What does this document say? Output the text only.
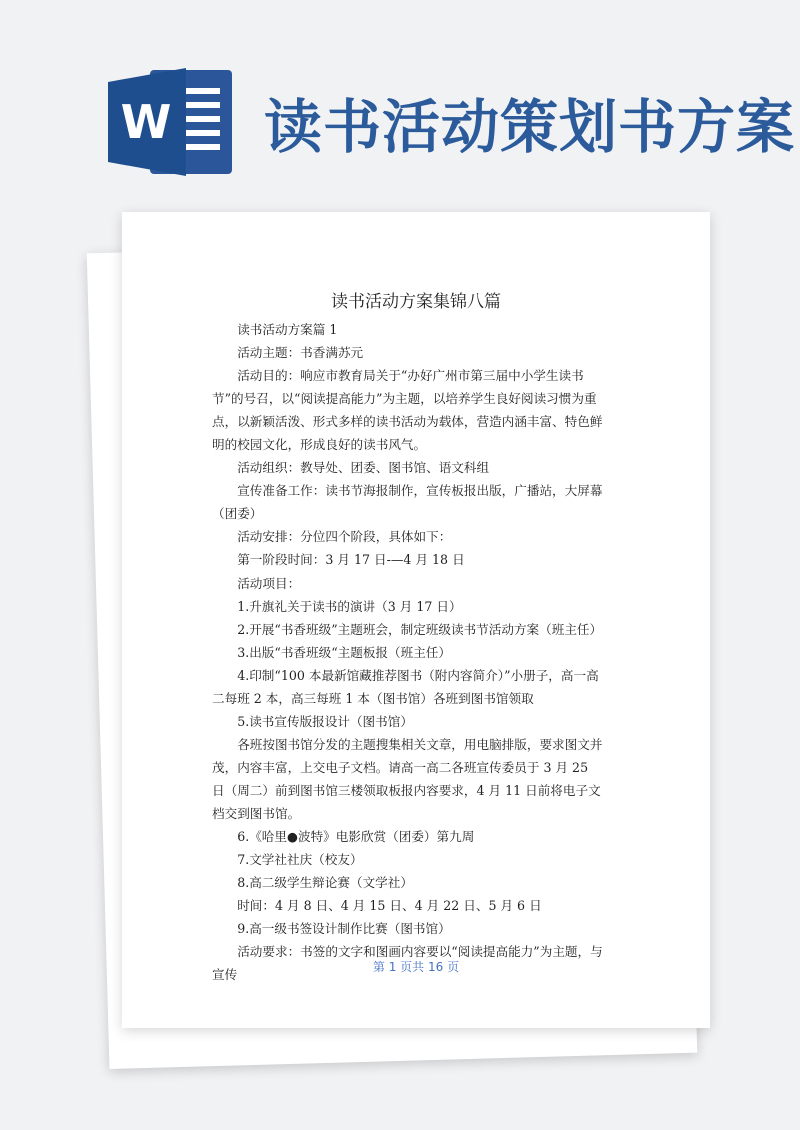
W 读书活动策划书方案
读书活动方案集锦八篇

读书活动方案篇 1

活动主题：书香满苏元

活动目的：响应市教育局关于“办好广州市第三届中小学生读书节”的号召，以“阅读提高能力”为主题，以培养学生良好阅读习惯为重点，以新颖活泼、形式多样的读书活动为载体，营造内涵丰富、特色鲜明的校园文化，形成良好的读书风气。

活动组织：教导处、团委、图书馆、语文科组

宣传准备工作：读书节海报制作，宣传板报出版，广播站，大屏幕（团委）

活动安排：分位四个阶段，具体如下：

第一阶段时间：3 月 17 日-—4 月 18 日

活动项目：

1.升旗礼关于读书的演讲（3 月 17 日）

2.开展“书香班级”主题班会，制定班级读书节活动方案（班主任）

3.出版“书香班级“主题板报（班主任）

4.印制“100 本最新馆藏推荐图书（附内容简介）”小册子，高一高二每班 2 本，高三每班 1 本（图书馆）各班到图书馆领取

5.读书宣传版报设计（图书馆）

各班按图书馆分发的主题搜集相关文章，用电脑排版，要求图文并茂，内容丰富，上交电子文档。请高一高二各班宣传委员于 3 月 25 日（周二）前到图书馆三楼领取板报内容要求，4 月 11 日前将电子文档交到图书馆。

6.《哈里●波特》电影欣赏（团委）第九周

7.文学社社庆（校友）

8.高二级学生辩论赛（文学社）

时间：4 月 8 日、4 月 15 日、4 月 22 日、5 月 6 日

9.高一级书签设计制作比赛（图书馆）

活动要求：书签的文字和图画内容要以“阅读提高能力”为主题，与宣传

第 1 页共 16 页
